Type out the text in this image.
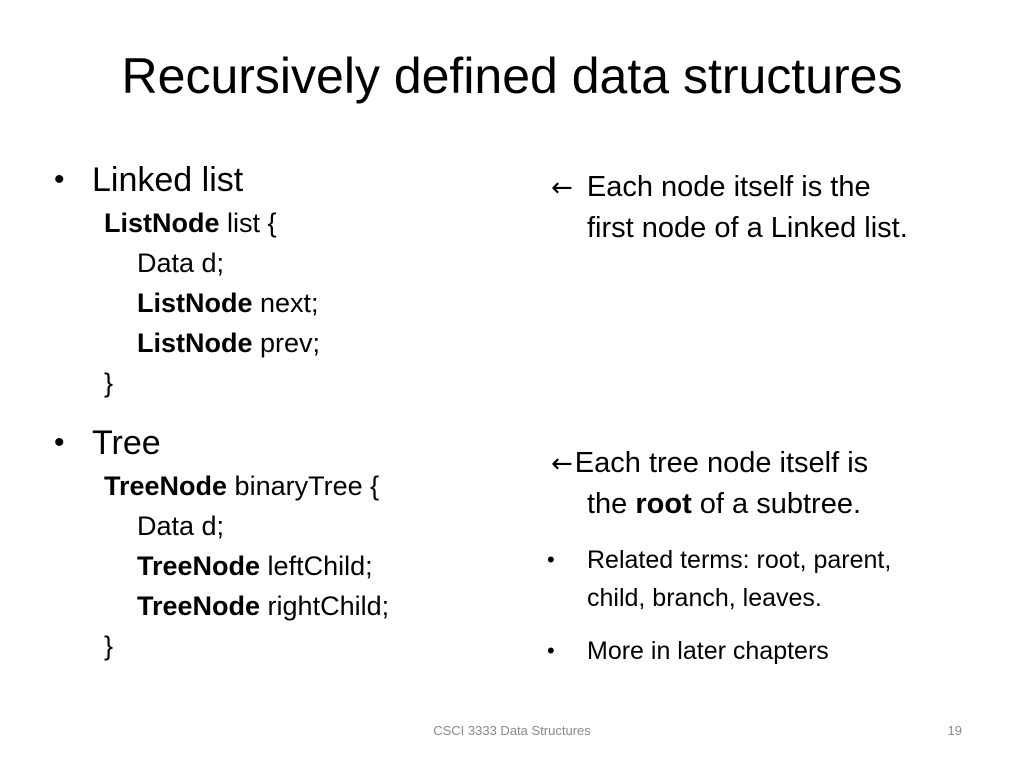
Recursively defined data structures
• Linked list
ListNode list {
Data d;
ListNode next;
ListNode prev;
}
• Tree
TreeNode binaryTree {
Data d;
TreeNode leftChild;
TreeNode rightChild;
}
← Each node itself is the
first node of a Linked list.
←Each tree node itself is
the root of a subtree.
• Related terms: root, parent,
child, branch, leaves.
• More in later chapters
CSCI 3333 Data Structures	19
